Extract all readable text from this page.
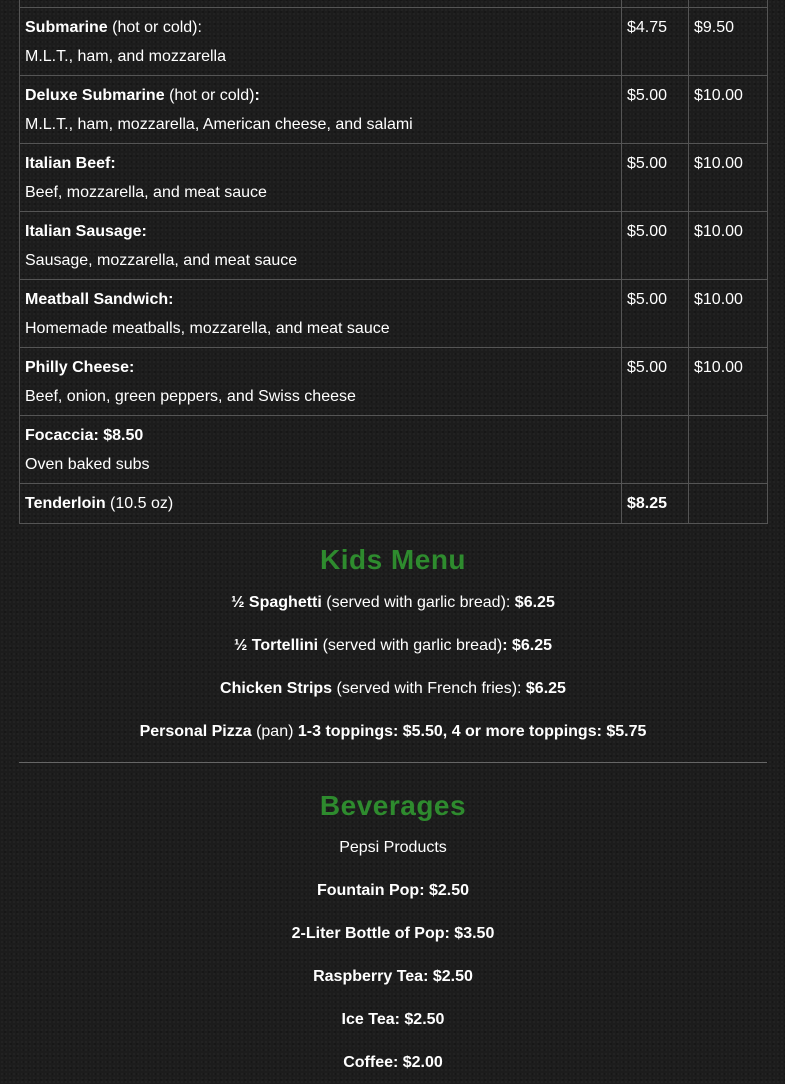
Submarine (hot or cold):
M.L.T., ham, and mozzarella	$4.75	$9.50

Deluxe Submarine (hot or cold):
M.L.T., ham, mozzarella, American cheese, and salami	$5.00	$10.00

Italian Beef:
Beef, mozzarella, and meat sauce	$5.00	$10.00

Italian Sausage:
Sausage, mozzarella, and meat sauce	$5.00	$10.00

Meatball Sandwich:
Homemade meatballs, mozzarella, and meat sauce	$5.00	$10.00

Philly Cheese:
Beef, onion, green peppers, and Swiss cheese	$5.00	$10.00

Focaccia: $8.50
Oven baked subs		

Tenderloin (10.5 oz)	$8.25	
Kids Menu
½ Spaghetti (served with garlic bread): $6.25
½ Tortellini (served with garlic bread): $6.25
Chicken Strips (served with French fries): $6.25
Personal Pizza (pan) 1-3 toppings: $5.50, 4 or more toppings: $5.75
Beverages
Pepsi Products
Fountain Pop: $2.50
2-Liter Bottle of Pop: $3.50
Raspberry Tea: $2.50
Ice Tea: $2.50
Coffee: $2.00
